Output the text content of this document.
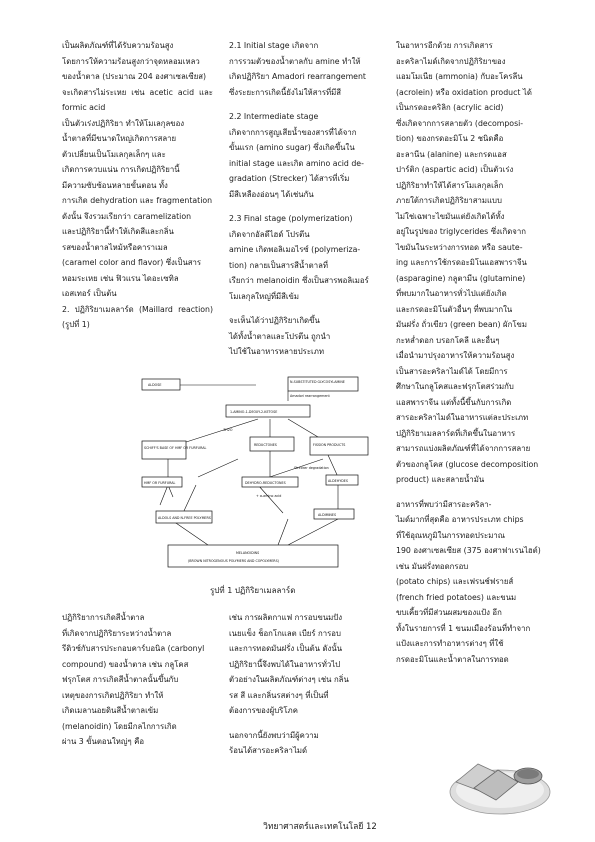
เป็นผลิตภัณฑ์ที่ได้รับความร้อนสูง

โดยการให้ความร้อนสูงกว่าจุดหลอมเหลว

ของน้ำตาล (ประมาณ 204 องศาเซลเซียส)

จะเกิดสารไม่ระเหย เช่น acetic acid และ formic acid

เป็นตัวเร่งปฏิกิริยา ทำให้โมเลกุลของ

น้ำตาลที่มีขนาดใหญ่เกิดการสลาย

ตัวเปลี่ยนเป็นโมเลกุลเล็กๆ และ

เกิดการควบแน่น การเกิดปฏิกิริยานี้

มีความซับซ้อนหลายขั้นตอน ทั้ง

การเกิด dehydration และ fragmentation

ดังนั้น จึงรวมเรียกว่า caramelization

และปฏิกิริยานี้ทำให้เกิดสีและกลิ่น

รสของน้ำตาลไหม้หรือคาราเมล

(caramel color and flavor) ซึ่งเป็นสาร

หอมระเหย เช่น ฟิวแรน ไดอะเซทิล

เอสเทอร์ เป็นต้น

2. ปฏิกิริยาเมลลาร์ด (Maillard reaction) (รูปที่ 1)

2.1 Initial stage เกิดจาก

การรวมตัวของน้ำตาลกับ amine ทำให้

เกิดปฏิกิริยา Amadori rearrangement

ซึ่งระยะการเกิดนี้ยังไม่ให้สารที่มีสี

2.2 Intermediate stage

เกิดจากการสูญเสียน้ำของสารที่ได้จาก

ขั้นแรก (amino sugar) ซึ่งเกิดขึ้นใน

initial stage และเกิด amino acid de-

gradation (Strecker) ได้สารที่เริ่ม

มีสีเหลืองอ่อนๆ ได้เช่นกัน

2.3 Final stage (polymerization)

เกิดจากอัลดีไฮด์ โปรตีน

amine เกิดพอลิเมอไรซ์ (polymeriza-

tion) กลายเป็นสารสีน้ำตาลที่

เรียกว่า melanoidin ซึ่งเป็นสารพอลิเมอร์

โมเลกุลใหญ่ที่มีสีเข้ม

จะเห็นได้ว่าปฏิกิริยาเกิดขึ้น

ได้ทั้งน้ำตาลและโปรตีน ถูกนำ

ไปใช้ในอาหารหลายประเภท

ในอาหารอีกด้วย การเกิดสาร

อะคริลาไมด์เกิดจากปฏิกิริยาของ

แอมโมเนีย (ammonia) กับอะโครลีน

(acrolein) หรือ oxidation product ได้

เป็นกรดอะคริลิก (acrylic acid)

ซึ่งเกิดจากการสลายตัว (decomposi-

tion) ของกรดอะมิโน 2 ชนิดคือ

อะลานีน (alanine) และกรดแอส

ปาร์ติก (aspartic acid) เป็นตัวเร่ง

ปฏิกิริยาทำให้ได้สารโมเลกุลเล็ก

ภายใต้การเกิดปฏิกิริยาสามแบบ

ไม่ใช่เฉพาะไขมันแต่ยังเกิดได้ทั้ง

อยู่ในรูปของ triglycerides ซึ่งเกิดจาก

ไขมันในระหว่างการทอด หรือ saute-

ing และการใช้กรดอะมิโนแอสพาราจีน

(asparagine) กลูตามีน (glutamine)

ที่พบมากในอาหารทั่วไปแต่ยังเกิด

และกรดอะมิโนตัวอื่นๆ ที่พบมากใน

มันฝรั่ง ถั่วเขียว (green bean) ผักโขม

กะหล่ำดอก บรอกโคลี และอื่นๆ

เมื่อนำมาปรุงอาหารให้ความร้อนสูง

เป็นสารอะคริลาไมด์ได้ โดยมีการ

ศึกษาในกลูโคสและฟรุกโตสร่วมกับ

แอสพาราจีน แต่ทั้งนี้ขึ้นกับการเกิด

สารอะคริลาไมด์ในอาหารแต่ละประเภท

ปฏิกิริยาเมลลาร์ดที่เกิดขึ้นในอาหาร

สามารถแบ่งผลิตภัณฑ์ที่ได้จากการสลาย

ตัวของกลูโคส (glucose decomposition

product) และสลายน้ำมัน

อาหารที่พบว่ามีสารอะคริลา-

ไมด์มากที่สุดคือ อาหารประเภท chips

ที่ใช้อุณหภูมิในการทอดประมาณ

190 องศาเซลเซียส (375 องศาฟาเรนไฮต์)

เช่น มันฝรั่งทอดกรอบ

(potato chips) และเฟรนช์ฟรายส์

(french fried potatoes) และขนม

ขบเคี้ยวที่มีส่วนผสมของแป้ง อีก

ทั้งในรายการที่ 1 ขนมเมืองร้อนที่ทำจาก

แป้งและการทำอาหารต่างๆ ที่ใช้

กรดอะมิโนและน้ำตาลในการทอด

ALDOSE
N-SUBSTITUTED GLYCOSYLAMINE
Amadori rearrangement
1-AMINO-1-DEOXY-2-KETOSE
SCHIFF'S BASE OF HMF OR FURFURAL
REDUCTONES	FISSION PRODUCTS
-3H2O
HMF OR FURFURAL	DEHYDRO-REDUCTONES
+ α-amino acid
Strecker degradation
ALDEHYDES
ALDOLS AND N-FREE POLYMERS
ALDIMINES
MELANOIDINS
(BROWN NITROGENOUS POLYMERS AND COPOLYMERS)
รูปที่ 1 ปฏิกิริยาเมลลาร์ด

ปฏิกิริยาการเกิดสีน้ำตาล

ที่เกิดจากปฏิกิริยาระหว่างน้ำตาล

รีดิวซ์กับสารประกอบคาร์บอนิล (carbonyl

compound) ของน้ำตาล เช่น กลูโคส

ฟรุกโตส การเกิดสีน้ำตาลนั้นขึ้นกับ

เหตุของการเกิดปฏิกิริยา ทำให้

เกิดเมลานอยดินสีน้ำตาลเข้ม

(melanoidin) โดยมีกลไกการเกิด

ผ่าน 3 ขั้นตอนใหญ่ๆ คือ

เช่น การผลิตกาแฟ การอบขนมปัง

เนยแข็ง ช็อกโกแลต เบียร์ การอบ

และการทอดมันฝรั่ง เป็นต้น ดังนั้น

ปฏิกิริยานี้จึงพบได้ในอาหารทั่วไป

ตัวอย่างในผลิตภัณฑ์ต่างๆ เช่น กลิ่น

รส สี และกลิ่นรสต่างๆ ที่เป็นที่

ต้องการของผู้บริโภค

นอกจากนี้ยังพบว่ามีผู้ความ

ร้อนได้สารอะคริลาไมด์

วิทยาศาสตร์และเทคโนโลยี 12
